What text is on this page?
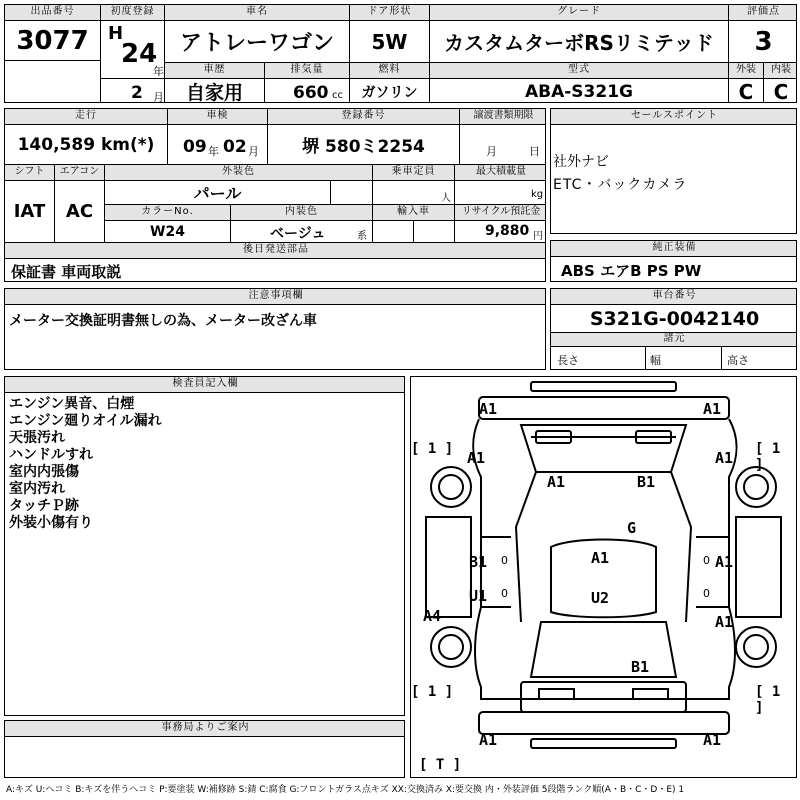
出品番号
3077
初度登録
H
24
年
2 月
車名
アトレーワゴン
車歴
自家用
排気量
660 cc
ドア形状
5W
燃料
ガソリン
グレード
カスタムターボRSリミテッド
型式
ABA-S321G
評価点
3
外装	内装
C	C
走行
140,589 km(*)
車検
09 年 02 月
登録番号
堺 580ミ2254
譲渡書類期限
月	日
シフト
IAT
エアコン
AC
外装色
パール
乗車定員
人
最大積載量
kg
カラーNo.
W24
内装色
ベージュ	系
輸入車	リサイクル預託金
9,880 円
後日発送部品
保証書 車両取説
セールスポイント
社外ナビ
ETC・バックカメラ
純正装備
ABS エアB PS PW
注意事項欄
メーター交換証明書無しの為、メーター改ざん車
車台番号
S321G-0042140
諸元
長さ	幅	高さ
検査員記入欄
エンジン異音、白煙
エンジン廻りオイル漏れ
天張汚れ
ハンドルすれ
室内内張傷
室内汚れ
タッチＰ跡
外装小傷有り
事務局よりご案内
A1	A1
A1	A1
A1	B1
G
A1
B1	A1
U1	U2
A4	A1
B1
A1	A1
[ 1 ]	[ 1 ]
[ 1 ]	[ 1 ]
[ T ]
0	0
0	0
A:キズ U:ヘコミ B:キズを伴うヘコミ P:要塗装 W:補修跡 S:錆 C:腐食 G:フロントガラス点キズ XX:交換済み X:要交換 内・外装評価 5段階ランク順(A・B・C・D・E) 1
